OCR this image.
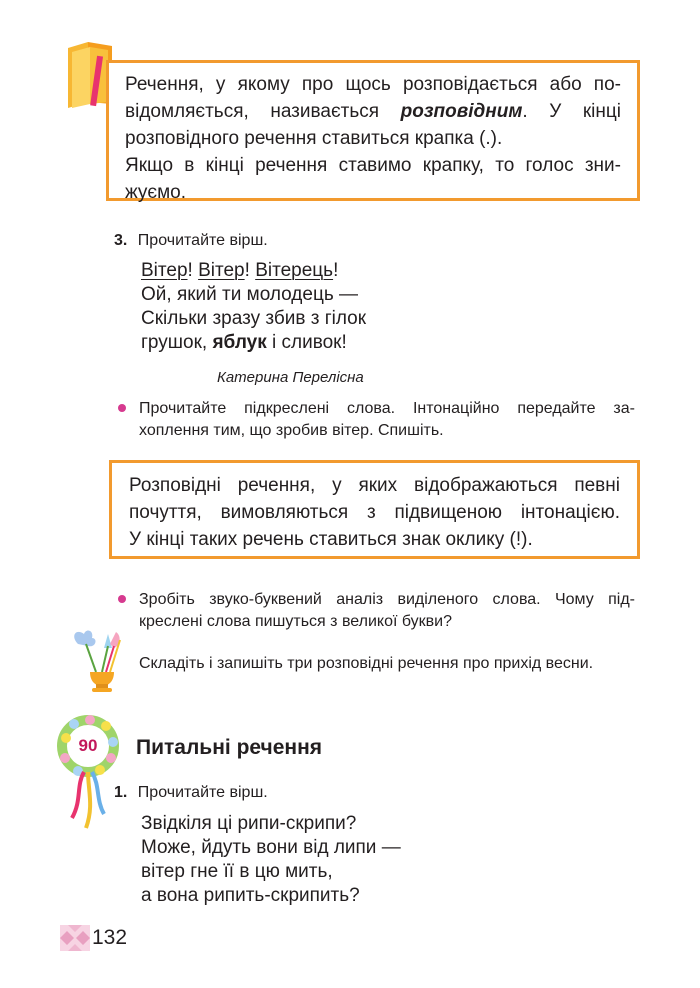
Речення, у якому про щось розповідається або по-
відомляється, називається розповідним. У кінці
розповідного речення ставиться крапка (.).
Якщо в кінці речення ставимо крапку, то голос зни-
жуємо.
3. Прочитайте вірш.
Вітер! Вітер! Вітерець!
Ой, який ти молодець —
Скільки зразу збив з гілок
грушок, яблук і сливок!
Катерина Перелісна
Прочитайте підкреслені слова. Інтонаційно передайте за-
хоплення тим, що зробив вітер. Спишіть.
Розповідні речення, у яких відображаються певні
почуття, вимовляються з підвищеною інтонацією.
У кінці таких речень ставиться знак оклику (!).
Зробіть звуко-буквений аналіз виділеного слова. Чому під-
креслені слова пишуться з великої букви?
Складіть і запишіть три розповідні речення про прихід весни.
90	Питальні речення
1. Прочитайте вірш.
Звідкіля ці рипи-скрипи?
Може, йдуть вони від липи —
вітер гне її в цю мить,
а вона рипить-скрипить?
132
